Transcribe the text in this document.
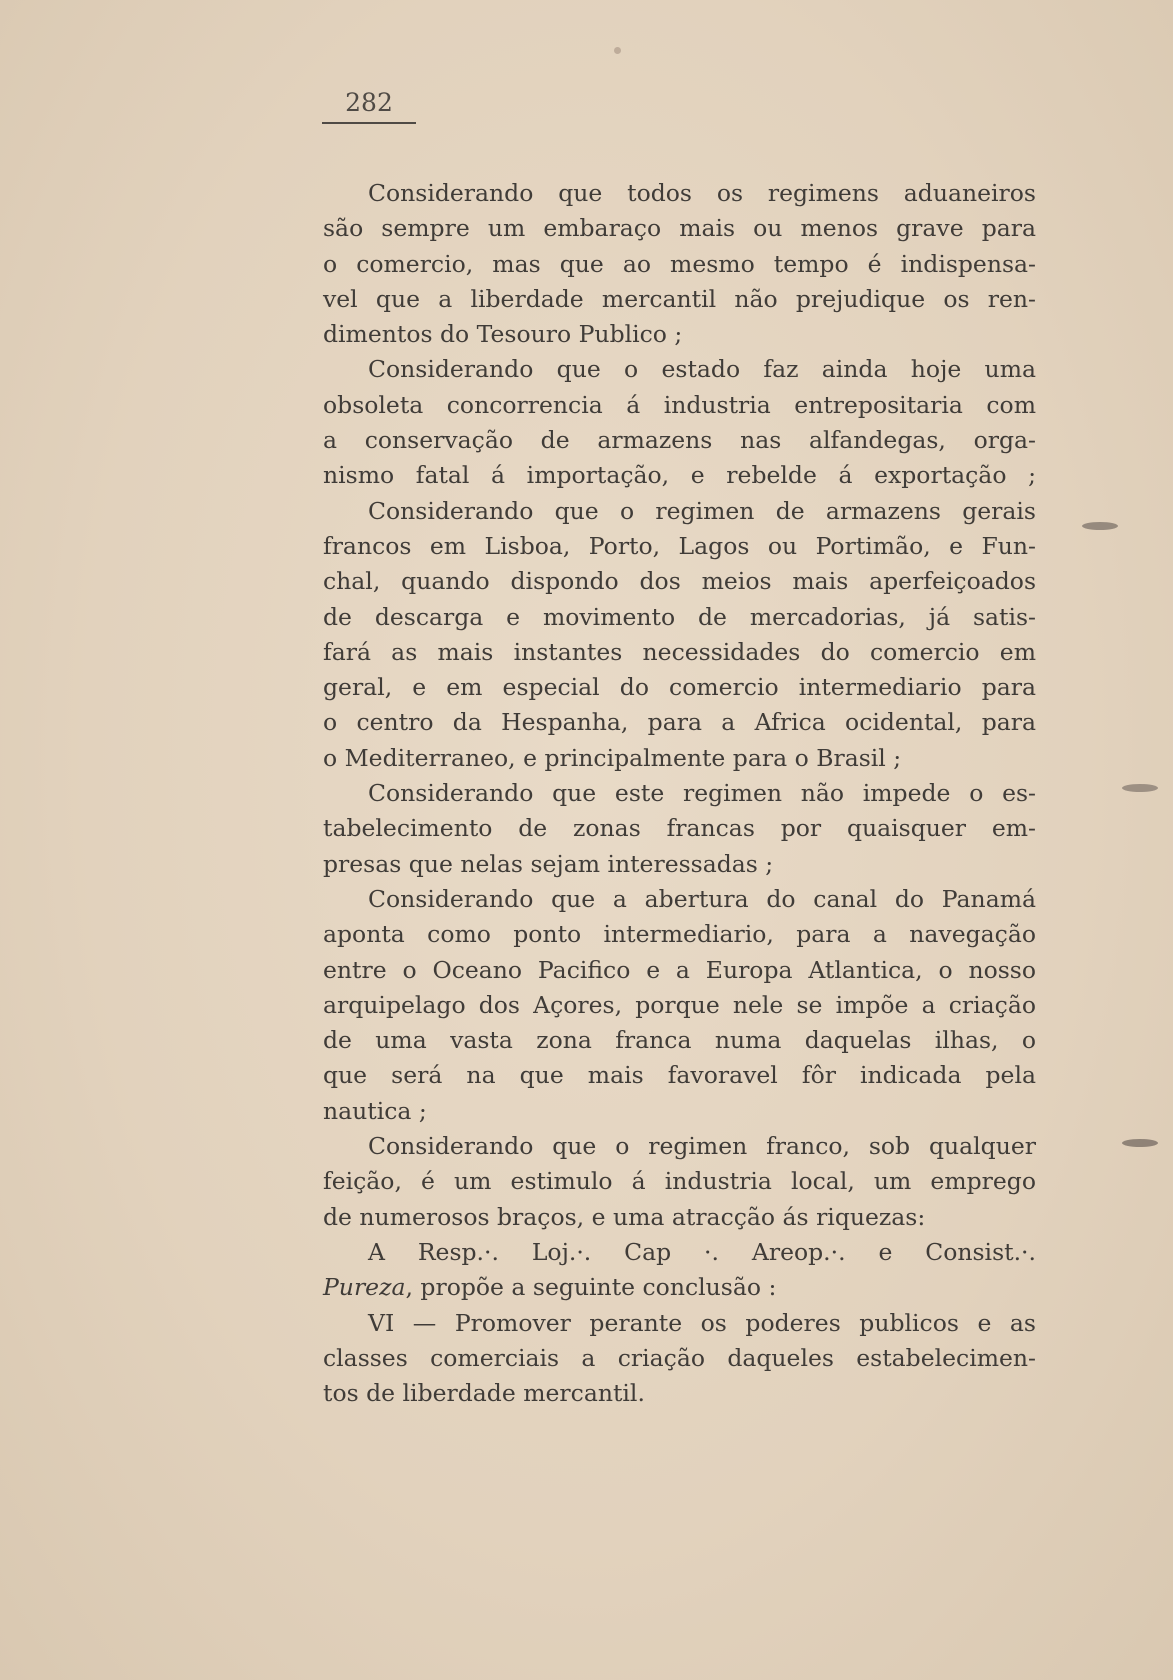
282
Considerando que todos os regimens aduaneiros
são sempre um embaraço mais ou menos grave para
o comercio, mas que ao mesmo tempo é indispensa-
vel que a liberdade mercantil não prejudique os ren-
dimentos do Tesouro Publico ;
Considerando que o estado faz ainda hoje uma
obsoleta concorrencia á industria entrepositaria com
a conservação de armazens nas alfandegas, orga-
nismo fatal á importação, e rebelde á exportação ;
Considerando que o regimen de armazens gerais
francos em Lisboa, Porto, Lagos ou Portimão, e Fun-
chal, quando dispondo dos meios mais aperfeiçoados
de descarga e movimento de mercadorias, já satis-
fará as mais instantes necessidades do comercio em
geral, e em especial do comercio intermediario para
o centro da Hespanha, para a Africa ocidental, para
o Mediterraneo, e principalmente para o Brasil ;
Considerando que este regimen não impede o es-
tabelecimento de zonas francas por quaisquer em-
presas que nelas sejam interessadas ;
Considerando que a abertura do canal do Panamá
aponta como ponto intermediario, para a navegação
entre o Oceano Pacifico e a Europa Atlantica, o nosso
arquipelago dos Açores, porque nele se impõe a criação
de uma vasta zona franca numa daquelas ilhas, o
que será na que mais favoravel fôr indicada pela
nautica ;
Considerando que o regimen franco, sob qualquer
feição, é um estimulo á industria local, um emprego
de numerosos braços, e uma atracção ás riquezas:
A Resp.·. Loj.·. Cap ·. Areop.·. e Consist.·.
Pureza, propõe a seguinte conclusão :
VI — Promover perante os poderes publicos e as
classes comerciais a criação daqueles estabelecimen-
tos de liberdade mercantil.
